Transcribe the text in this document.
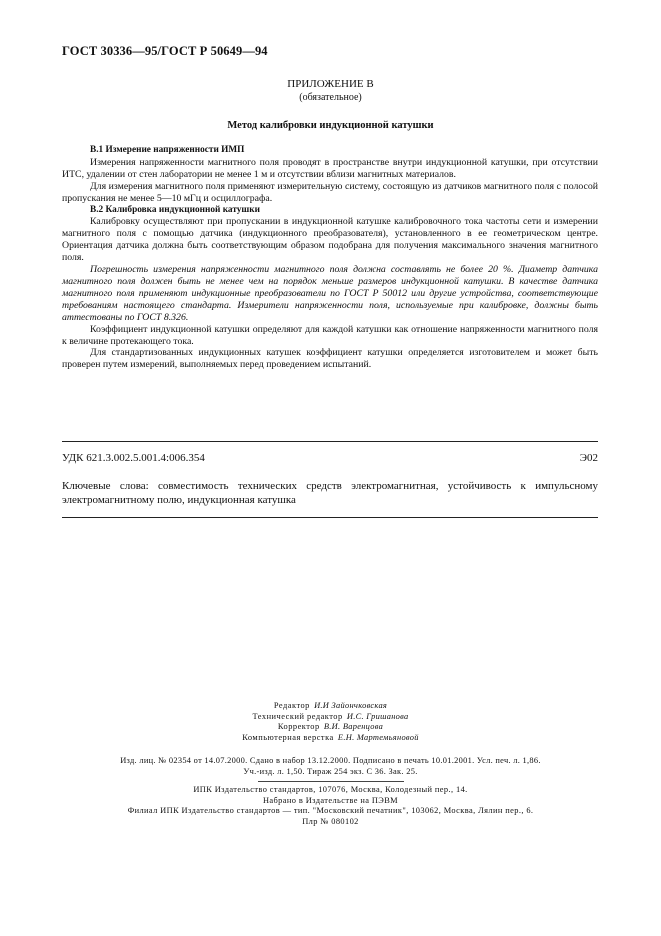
ГОСТ 30336—95/ГОСТ Р 50649—94
ПРИЛОЖЕНИЕ В
(обязательное)
Метод калибровки индукционной катушки

В.1 Измерение напряженности ИМП

Измерения напряженности магнитного поля проводят в пространстве внутри индукционной катушки, при отсутствии ИТС, удалении от стен лаборатории не менее 1 м и отсутствии вблизи магнитных материалов.

Для измерения магнитного поля применяют измерительную систему, состоящую из датчиков магнитного поля с полосой пропускания не менее 5—10 мГц и осциллографа.

В.2 Калибровка индукционной катушки

Калибровку осуществляют при пропускании в индукционной катушке калибровочного тока частоты сети и измерении магнитного поля с помощью датчика (индукционного преобразователя), установленного в ее геометрическом центре. Ориентация датчика должна быть соответствующим образом подобрана для получения максимального значения магнитного поля.

Погрешность измерения напряженности магнитного поля должна составлять не более 20 %. Диаметр датчика магнитного поля должен быть не менее чем на порядок меньше размеров индукционной катушки. В качестве датчика магнитного поля применяют индукционные преобразователи по ГОСТ Р 50012 или другие устройства, соответствующие требованиям настоящего стандарта. Измерители напряженности поля, используемые при калибровке, должны быть аттестованы по ГОСТ 8.326.

Коэффициент индукционной катушки определяют для каждой катушки как отношение напряженности магнитного поля к величине протекающего тока.

Для стандартизованных индукционных катушек коэффициент катушки определяется изготовителем и может быть проверен путем измерений, выполняемых перед проведением испытаний.

УДК 621.3.002.5.001.4:006.354	Э02
Ключевые слова: совместимость технических средств электромагнитная, устойчивость к импульсному электромагнитному полю, индукционная катушка
Редактор И.И Зайончковская
Технический редактор И.С. Гришанова
Корректор В.И. Варенцова
Компьютерная верстка Е.Н. Мартемьяновой
Изд. лиц. № 02354 от 14.07.2000. Сдано в набор 13.12.2000. Подписано в печать 10.01.2001. Усл. печ. л. 1,86.
Уч.-изд. л. 1,50. Тираж 254 экз. С 36. Зак. 25.
ИПК Издательство стандартов, 107076, Москва, Колодезный пер., 14.
Набрано в Издательстве на ПЭВМ
Филиал ИПК Издательство стандартов — тип. "Московский печатник", 103062, Москва, Лялин пер., 6.
Плр № 080102
